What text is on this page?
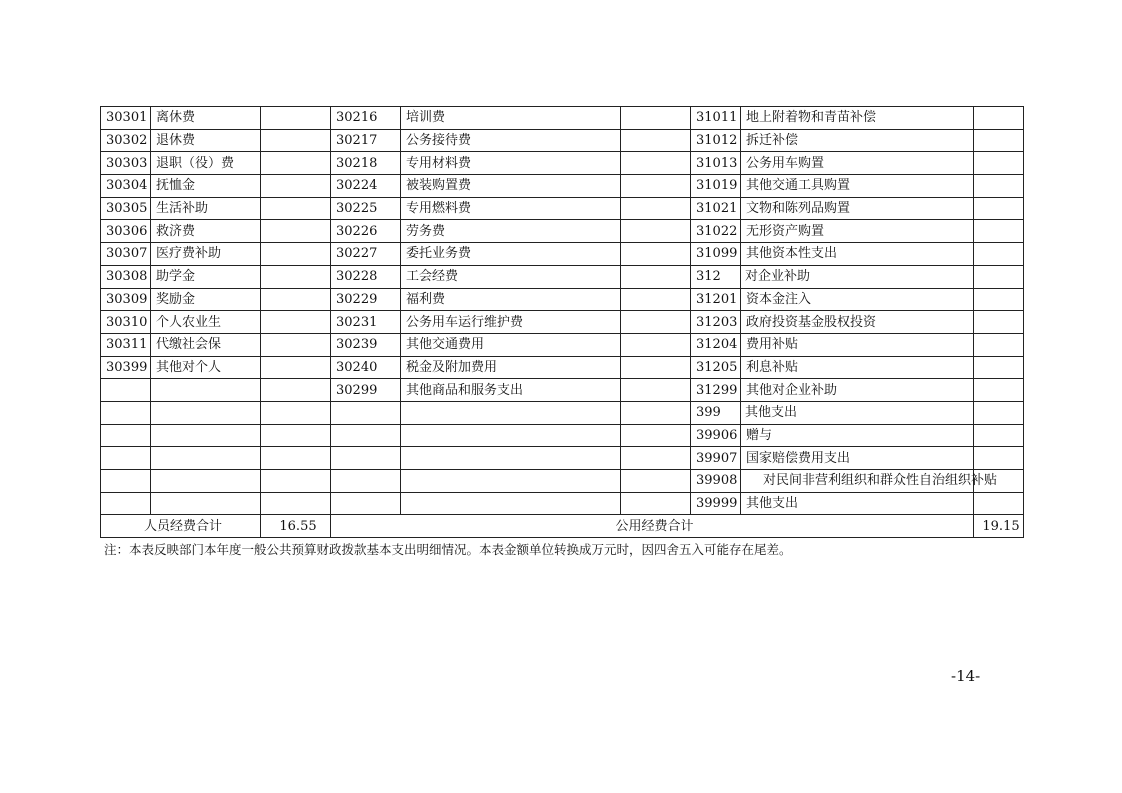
30301	离休费		30216	培训费		31011	地上附着物和青苗补偿	
30302	退休费		30217	公务接待费		31012	拆迁补偿	
30303	退职（役）费		30218	专用材料费		31013	公务用车购置	
30304	抚恤金		30224	被装购置费		31019	其他交通工具购置	
30305	生活补助		30225	专用燃料费		31021	文物和陈列品购置	
30306	救济费		30226	劳务费		31022	无形资产购置	
30307	医疗费补助		30227	委托业务费		31099	其他资本性支出	
30308	助学金		30228	工会经费		312	对企业补助	
30309	奖励金		30229	福利费		31201	资本金注入	
30310	个人农业生		30231	公务用车运行维护费		31203	政府投资基金股权投资	
30311	代缴社会保		30239	其他交通费用		31204	费用补贴	
30399	其他对个人		30240	税金及附加费用		31205	利息补贴	
			30299	其他商品和服务支出		31299	其他对企业补助	
						399	其他支出	
						39906	赠与	
						39907	国家赔偿费用支出	
						39908	对民间非营利组织和群众性自治组织补贴	
						39999	其他支出	
人员经费合计		16.55	公用经费合计					19.15
注：本表反映部门本年度一般公共预算财政拨款基本支出明细情况。本表金额单位转换成万元时，因四舍五入可能存在尾差。
-14-
